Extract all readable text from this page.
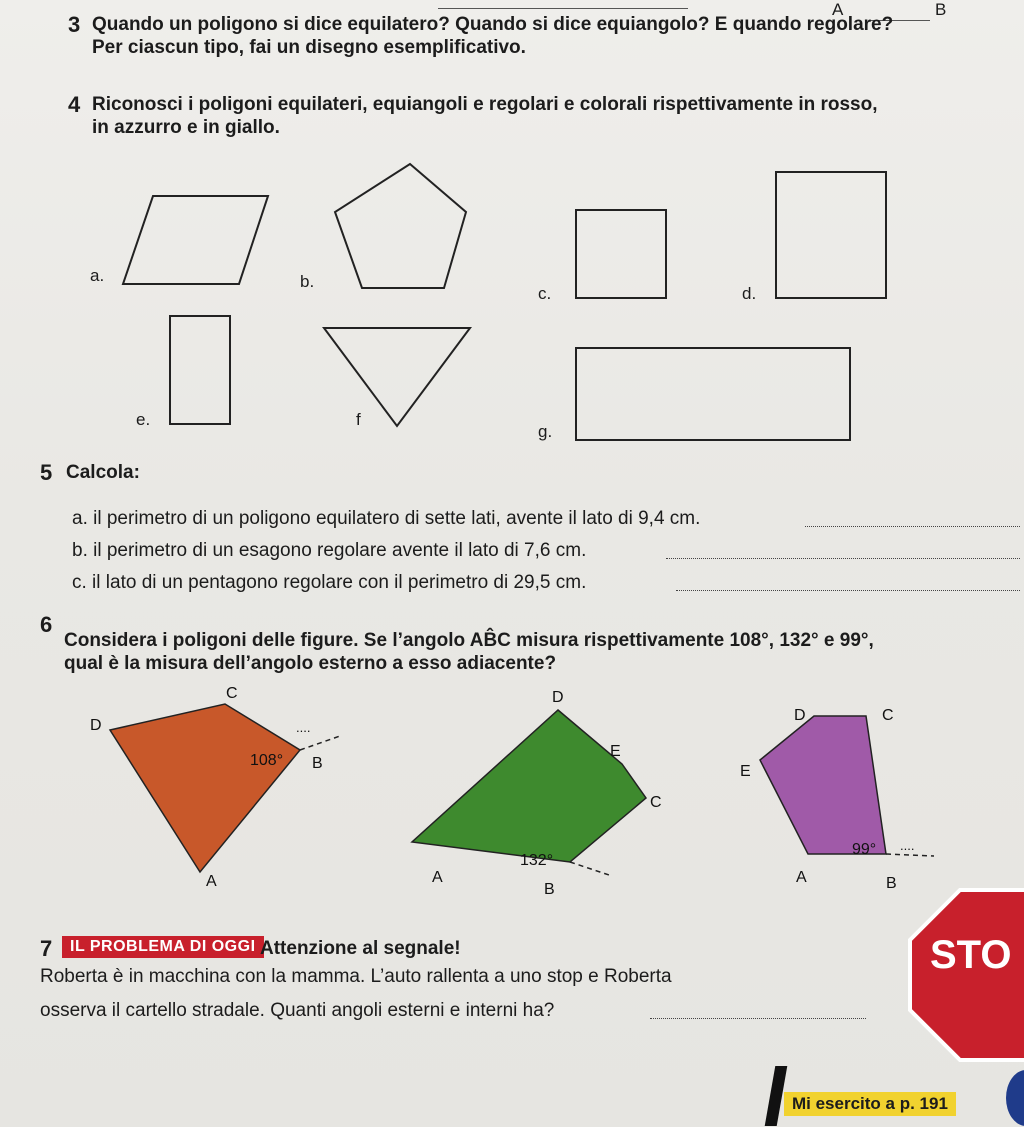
A	B
3 Quando un poligono si dice equilatero? Quando si dice equiangolo? E quando regolare?
Per ciascun tipo, fai un disegno esemplificativo.
4 Riconosci i poligoni equilateri, equiangoli e regolari e colorali rispettivamente in rosso,
in azzurro e in giallo.
a.	b.
c.	d.
e.	f
g.
5 Calcola:
a. il perimetro di un poligono equilatero di sette lati, avente il lato di 9,4 cm.
b. il perimetro di un esagono regolare avente il lato di 7,6 cm.
c. il lato di un pentagono regolare con il perimetro di 29,5 cm.
6
Considera i poligoni delle figure. Se l’angolo AB̂C misura rispettivamente 108°, 132° e 99°,
qual è la misura dell’angolo esterno a esso adiacente?
108°
D
C
B
A
....
132°
D
E
C
B
A
99°
D	C
E
A	B
....
7	IL PROBLEMA DI OGGI Attenzione al segnale!
Roberta è in macchina con la mamma. L’auto rallenta a uno stop e Roberta
osserva il cartello stradale. Quanti angoli esterni e interni ha?
STO
Mi esercito a p. 191
